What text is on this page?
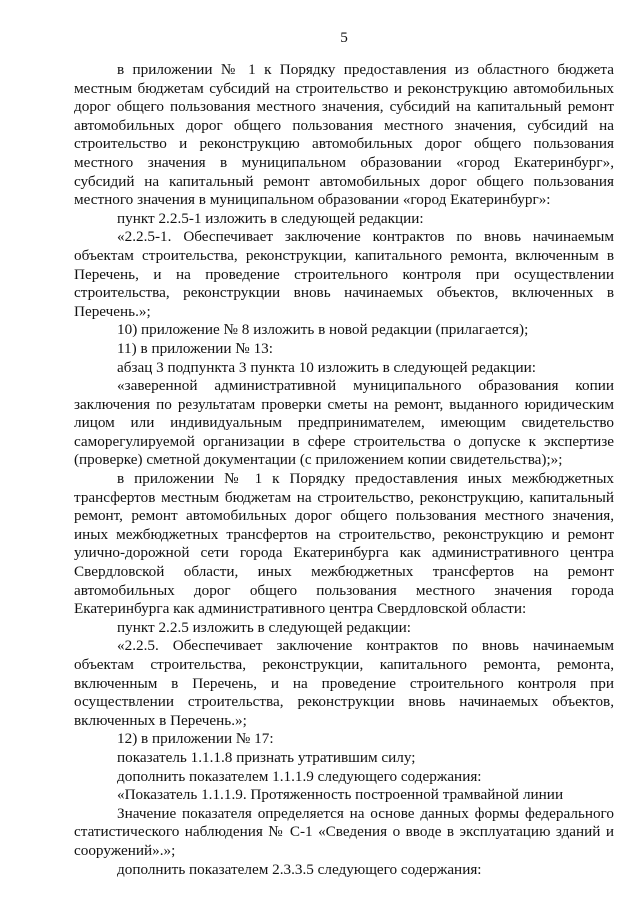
5

в приложении № 1 к Порядку предоставления из областного бюджета местным бюджетам субсидий на строительство и реконструкцию автомобильных дорог общего пользования местного значения, субсидий на капитальный ремонт автомобильных дорог общего пользования местного значения, субсидий на строительство и реконструкцию автомобильных дорог общего пользования местного значения в муниципальном образовании «город Екатеринбург», субсидий на капитальный ремонт автомобильных дорог общего пользования местного значения в муниципальном образовании «город Екатеринбург»:

пункт 2.2.5-1 изложить в следующей редакции:

«2.2.5-1. Обеспечивает заключение контрактов по вновь начинаемым объектам строительства, реконструкции, капитального ремонта, включенным в Перечень, и на проведение строительного контроля при осуществлении строительства, реконструкции вновь начинаемых объектов, включенных в Перечень.»;

10) приложение № 8 изложить в новой редакции (прилагается);

11) в приложении № 13:

абзац 3 подпункта 3 пункта 10 изложить в следующей редакции:

«заверенной административной муниципального образования копии заключения по результатам проверки сметы на ремонт, выданного юридическим лицом или индивидуальным предпринимателем, имеющим свидетельство саморегулируемой организации в сфере строительства о допуске к экспертизе (проверке) сметной документации (с приложением копии свидетельства);»;

в приложении № 1 к Порядку предоставления иных межбюджетных трансфертов местным бюджетам на строительство, реконструкцию, капитальный ремонт, ремонт автомобильных дорог общего пользования местного значения, иных межбюджетных трансфертов на строительство, реконструкцию и ремонт улично-дорожной сети города Екатеринбурга как административного центра Свердловской области, иных межбюджетных трансфертов на ремонт автомобильных дорог общего пользования местного значения города Екатеринбурга как административного центра Свердловской области:

пункт 2.2.5 изложить в следующей редакции:

«2.2.5. Обеспечивает заключение контрактов по вновь начинаемым объектам строительства, реконструкции, капитального ремонта, ремонта, включенным в Перечень, и на проведение строительного контроля при осуществлении строительства, реконструкции вновь начинаемых объектов, включенных в Перечень.»;

12) в приложении № 17:

показатель 1.1.1.8 признать утратившим силу;

дополнить показателем 1.1.1.9 следующего содержания:

«Показатель 1.1.1.9. Протяженность построенной трамвайной линии

Значение показателя определяется на основе данных формы федерального статистического наблюдения № С-1 «Сведения о вводе в эксплуатацию зданий и сооружений».»;

дополнить показателем 2.3.3.5 следующего содержания:
